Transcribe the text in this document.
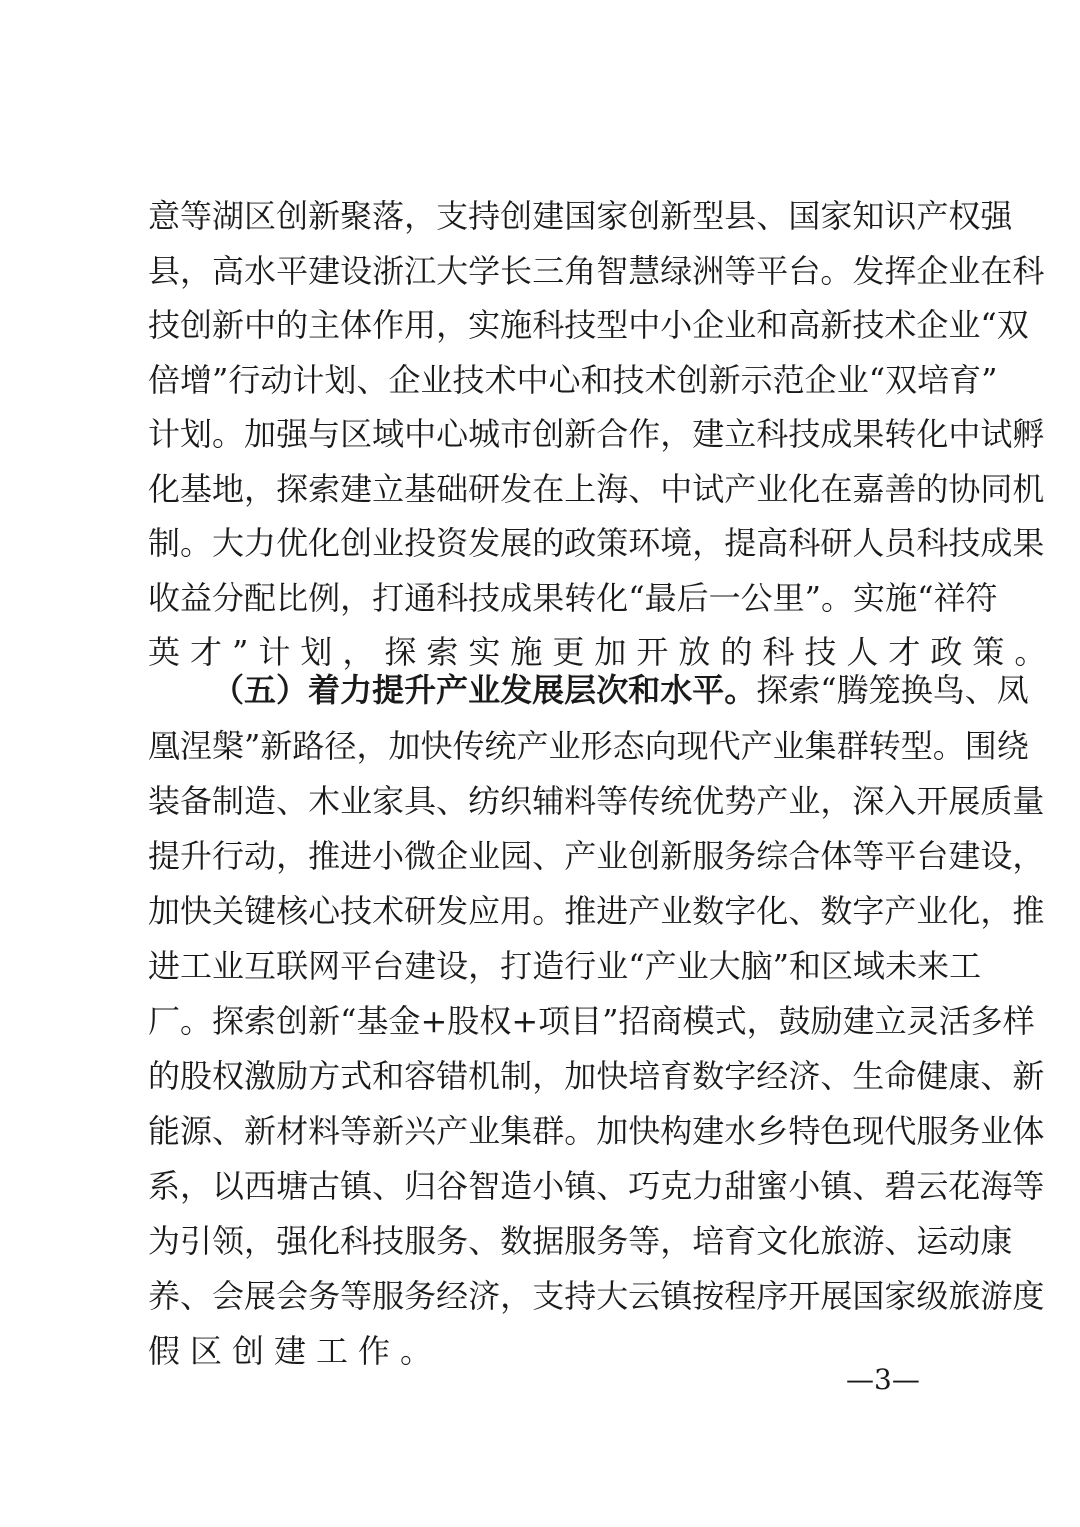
意 等 湖 区 创 新 聚 落 ， 支 持 创 建 国 家 创 新 型 县 、 国 家 知 识 产 权 强
县 ， 高 水 平 建 设 浙 江 大 学 长 三 角 智 慧 绿 洲 等 平 台 。 发 挥 企 业 在 科
技 创 新 中 的 主 体 作 用 ， 实 施 科 技 型 中 小 企 业 和 高 新 技 术 企 业 “ 双
倍 增 ” 行 动 计 划 、 企 业 技 术 中 心 和 技 术 创 新 示 范 企 业 “ 双 培 育 ”
计 划 。 加 强 与 区 域 中 心 城 市 创 新 合 作 ， 建 立 科 技 成 果 转 化 中 试 孵
化 基 地 ， 探 索 建 立 基 础 研 发 在 上 海 、 中 试 产 业 化 在 嘉 善 的 协 同 机
制 。 大 力 优 化 创 业 投 资 发 展 的 政 策 环 境 ， 提 高 科 研 人 员 科 技 成 果
收 益 分 配 比 例 ， 打 通 科 技 成 果 转 化 “ 最 后 一 公 里 ” 。 实 施 “ 祥 符
英才”计划，探索实施更加开放的科技人才政策。
（ 五 ） 着 力 提 升 产 业 发 展 层 次 和 水 平 。 探 索 “ 腾 笼 换 鸟 、 凤
凰 涅 槃 ” 新 路 径 ， 加 快 传 统 产 业 形 态 向 现 代 产 业 集 群 转 型 。 围 绕
装 备 制 造 、 木 业 家 具 、 纺 织 辅 料 等 传 统 优 势 产 业 ， 深 入 开 展 质 量
提 升 行 动 ， 推 进 小 微 企 业 园 、 产 业 创 新 服 务 综 合 体 等 平 台 建 设 ，
加 快 关 键 核 心 技 术 研 发 应 用 。 推 进 产 业 数 字 化 、 数 字 产 业 化 ， 推
进 工 业 互 联 网 平 台 建 设 ， 打 造 行 业 “ 产 业 大 脑 ” 和 区 域 未 来 工
厂 。 探 索 创 新 “ 基 金 + 股 权 + 项 目 ” 招 商 模 式 ， 鼓 励 建 立 灵 活 多 样
的 股 权 激 励 方 式 和 容 错 机 制 ， 加 快 培 育 数 字 经 济 、 生 命 健 康 、 新
能 源 、 新 材 料 等 新 兴 产 业 集 群 。 加 快 构 建 水 乡 特 色 现 代 服 务 业 体
系 ， 以 西 塘 古 镇 、 归 谷 智 造 小 镇 、 巧 克 力 甜 蜜 小 镇 、 碧 云 花 海 等
为 引 领 ， 强 化 科 技 服 务 、 数 据 服 务 等 ， 培 育 文 化 旅 游 、 运 动 康
养 、 会 展 会 务 等 服 务 经 济 ， 支 持 大 云 镇 按 程 序 开 展 国 家 级 旅 游 度
假区创建工作。
—3—
